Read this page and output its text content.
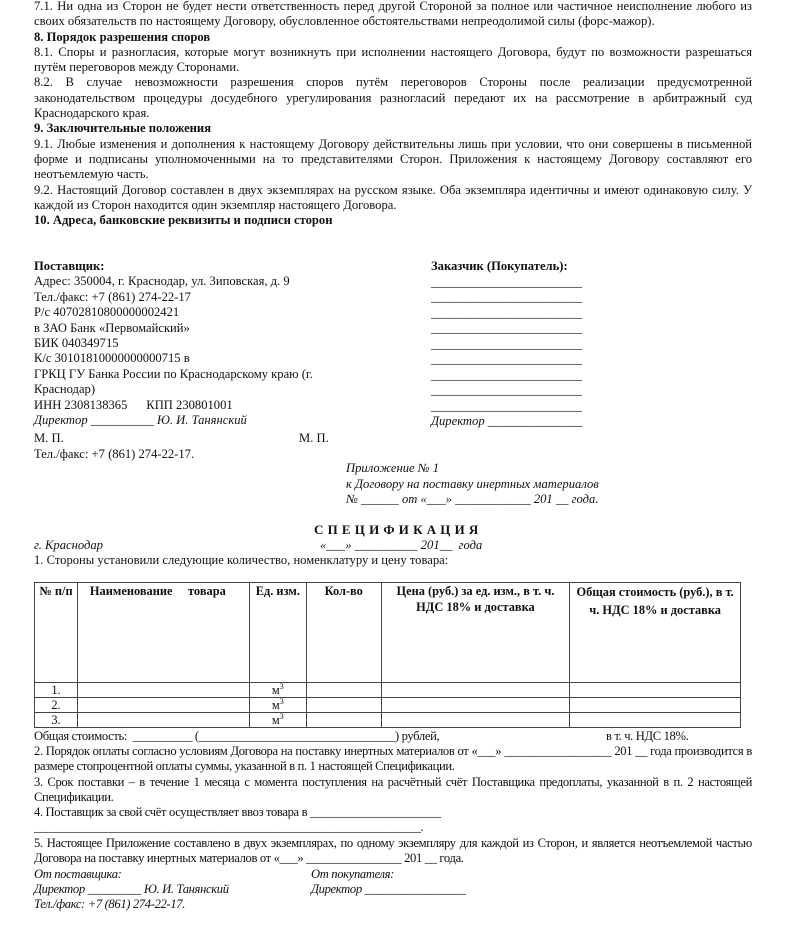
7.1. Ни одна из Сторон не будет нести ответственность перед другой Стороной за полное или частичное неисполнение любого из своих обязательств по настоящему Договору, обусловленное обстоятельствами непреодолимой силы (форс-мажор).

8. Порядок разрешения споров

8.1. Споры и разногласия, которые могут возникнуть при исполнении настоящего Договора, будут по возможности разрешаться путём переговоров между Сторонами.

8.2. В случае невозможности разрешения споров путём переговоров Стороны после реализации предусмотренной законодательством процедуры досудебного урегулирования разногласий передают их на рассмотрение в арбитражный суд Краснодарского края.

9. Заключительные положения

9.1. Любые изменения и дополнения к настоящему Договору действительны лишь при условии, что они совершены в письменной форме и подписаны уполномоченными на то представителями Сторон. Приложения к настоящему Договору составляют его неотъемлемую часть.

9.2. Настоящий Договор составлен в двух экземплярах на русском языке. Оба экземпляра идентичны и имеют одинаковую силу. У каждой из Сторон находится один экземпляр настоящего Договора.

10. Адреса, банковские реквизиты и подписи сторон

Поставщик:
Адрес: 350004, г. Краснодар, ул. Зиповская, д. 9
Тел./факс: +7 (861) 274-22-17
Р/с 40702810800000002421
в ЗАО Банк «Первомайский»
БИК 040349715
К/с 30101810000000000715 в
ГРКЦ ГУ Банка России по Краснодарскому краю (г.
Краснодар)
ИНН 2308138365      КПП 230801001
Директор __________ Ю. И. Танянский
М. П.
Тел./факс: +7 (861) 274-22-17.
М. П.
Заказчик (Покупатель):
________________________
________________________
________________________
________________________
________________________
________________________
________________________
________________________
________________________
Директор _______________
Приложение № 1
к Договору на поставку инертных материалов
№ ______ от «___» ____________ 201 __ года.
СПЕЦИФИКАЦИЯ
г. Краснодар	«___» __________ 201__  года
1. Стороны установили следующие количество, номенклатуру и цену товара:
№ п/п	Наименование     товара	Ед. изм.	Кол-во	Цена (руб.) за ед. изм., в т. ч. НДС 18% и доставка	Общая стоимость (руб.), в т. ч. НДС 18% и доставка
1.		$м^3$			
2.		$м^3$			
3.		$м^3$			
Общая стоимость:  __________ (_________________________________) рублей,	в т. ч. НДС 18%.

2. Порядок оплаты согласно условиям Договора на поставку инертных материалов от «___» __________________ 201 __ года производится в размере стопроцентной оплаты суммы, указанной в п. 1 настоящей Спецификации.

3. Срок поставки – в течение 1 месяца с момента поступления на расчётный счёт Поставщика предоплаты, указанной в п. 2 настоящей Спецификации.

4. Поставщик за свой счёт осуществляет ввоз товара в ______________________
_________________________________________________________________.

5. Настоящее Приложение составлено в двух экземплярах, по одному экземпляру для каждой из Сторон, и является неотъемлемой частью Договора на поставку инертных материалов от «___» ________________ 201 __ года.

От поставщика:
Директор _________ Ю. И. Танянский
Тел./факс: +7 (861) 274-22-17.
От покупателя:
Директор _________________
